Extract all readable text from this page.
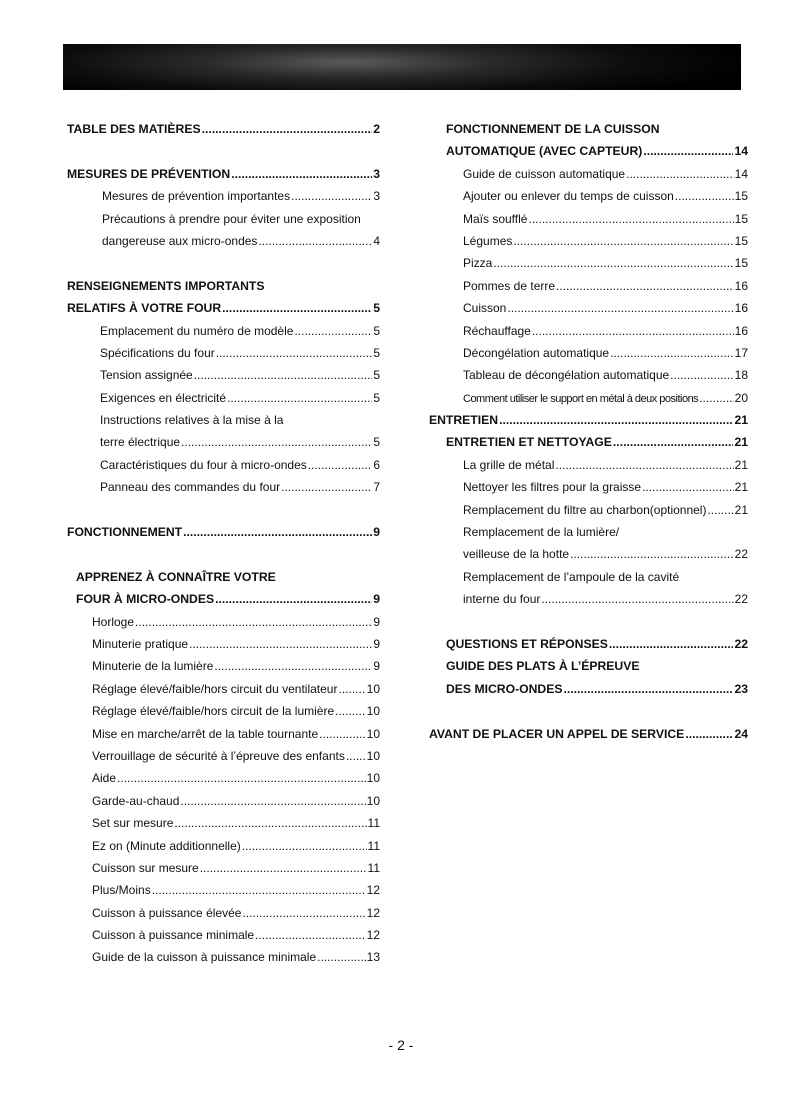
TABLE DES MATIÈRES .....	2
MESURES DE PRÉVENTION .....	3
Mesures de prévention importantes .....	3
Précautions à prendre pour éviter une exposition
dangereuse aux micro-ondes .....	4
RENSEIGNEMENTS IMPORTANTS
RELATIFS À VOTRE FOUR .....	5
Emplacement du numéro de modèle .....	5
Spécifications du four .....	5
Tension assignée .....	5
Exigences en électricité .....	5
Instructions relatives à la mise à la
terre électrique .....	5
Caractéristiques du four à micro-ondes .....	6
Panneau des commandes du four .....	7
FONCTIONNEMENT .....	9
APPRENEZ À CONNAÎTRE VOTRE
FOUR À MICRO-ONDES .....	9
Horloge .....	9
Minuterie pratique .....	9
Minuterie de la lumière .....	9
Réglage élevé/faible/hors circuit du ventilateur ..... 10
Réglage élevé/faible/hors circuit de la lumière .....	10
Mise en marche/arrêt de la table tournante .....	10
Verrouillage de sécurité à l’épreuve des enfants ..... 10
Aide .....	10
Garde-au-chaud .....	10
Set sur mesure .....	11
Ez on (Minute additionnelle) .....	11
Cuisson sur mesure .....	11
Plus/Moins .....	12
Cuisson à puissance élevée .....	12
Cuisson à puissance minimale .....	12
Guide de la cuisson à puissance minimale .....	13
FONCTIONNEMENT DE LA CUISSON
AUTOMATIQUE (AVEC CAPTEUR) .....	14
Guide de cuisson automatique .....	14
Ajouter ou enlever du temps de cuisson .....	15
Maïs soufflé .....	15
Légumes .....	15
Pizza .....	15
Pommes de terre .....	16
Cuisson .....	16
Réchauffage .....	16
Décongélation automatique .....	17
Tableau de décongélation automatique .....	18
Comment utiliser le support en métal à deux positions .....	20
ENTRETIEN .....	21
ENTRETIEN ET NETTOYAGE .....	21
La grille de métal .....	21
Nettoyer les filtres pour la graisse .....	21
Remplacement du filtre au charbon(optionnel) ..... 21
Remplacement de la lumière/
veilleuse de la hotte .....	22
Remplacement de l’ampoule de la cavité
interne du four .....	22
QUESTIONS ET RÉPONSES .....	22
GUIDE DES PLATS À L’ÉPREUVE
DES MICRO-ONDES .....	23
AVANT DE PLACER UN APPEL DE SERVICE .....	24
- 2 -
